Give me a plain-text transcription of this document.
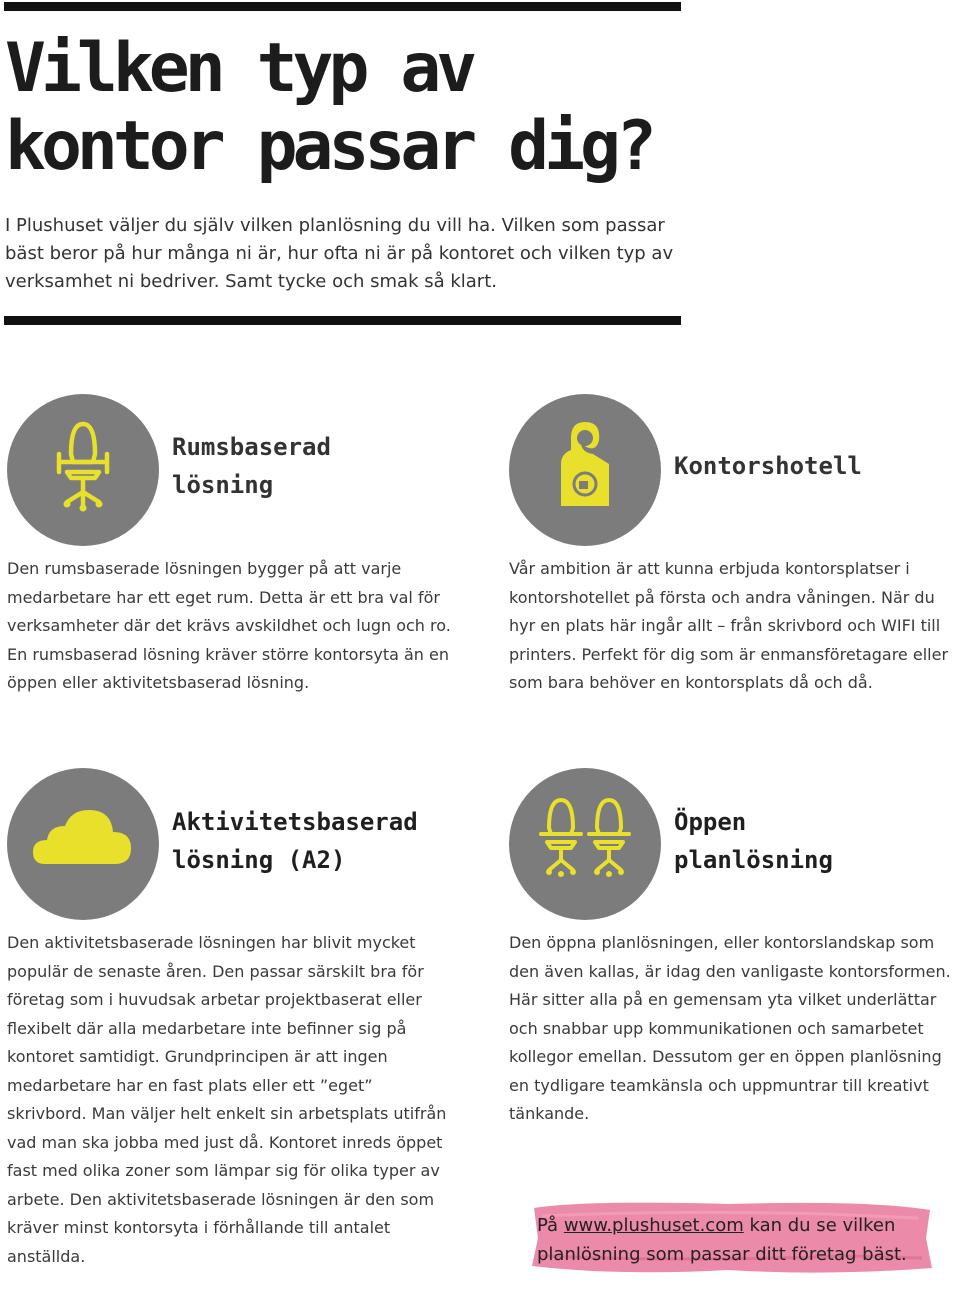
Vilken typ av
kontor passar dig?

I Plushuset väljer du själv vilken planlösning du vill ha. Vilken som passar bäst beror på hur många ni är, hur ofta ni är på kontoret och vilken typ av verksamhet ni bedriver. Samt tycke och smak så klart.

Rumsbaserad
lösning

Den rumsbaserade lösningen bygger på att varje medarbetare har ett eget rum. Detta är ett bra val för verksamheter där det krävs avskildhet och lugn och ro. En rumsbaserad lösning kräver större kontorsyta än en öppen eller aktivitetsbaserad lösning.

Kontorshotell

Vår ambition är att kunna erbjuda kontorsplatser i kontorshotellet på första och andra våningen. När du hyr en plats här ingår allt – från skrivbord och WIFI till printers. Perfekt för dig som är enmansföretagare eller som bara behöver en kontorsplats då och då.

Aktivitetsbaserad
lösning (A2)

Den aktivitetsbaserade lösningen har blivit mycket populär de senaste åren. Den passar särskilt bra för företag som i huvudsak arbetar projektbaserat eller flexibelt där alla medarbetare inte befinner sig på kontoret samtidigt. Grundprincipen är att ingen medarbetare har en fast plats eller ett ”eget” skrivbord. Man väljer helt enkelt sin arbetsplats utifrån vad man ska jobba med just då. Kontoret inreds öppet fast med olika zoner som lämpar sig för olika typer av arbete. Den aktivitetsbaserade lösningen är den som kräver minst kontorsyta i förhållande till antalet anställda.

Öppen
planlösning

Den öppna planlösningen, eller kontorslandskap som den även kallas, är idag den vanligaste kontorsformen. Här sitter alla på en gemensam yta vilket underlättar och snabbar upp kommunikationen och samarbetet kollegor emellan. Dessutom ger en öppen planlösning en tydligare teamkänsla och uppmuntrar till kreativt tänkande.

På www.plushuset.com kan du se vilken planlösning som passar ditt företag bäst.
